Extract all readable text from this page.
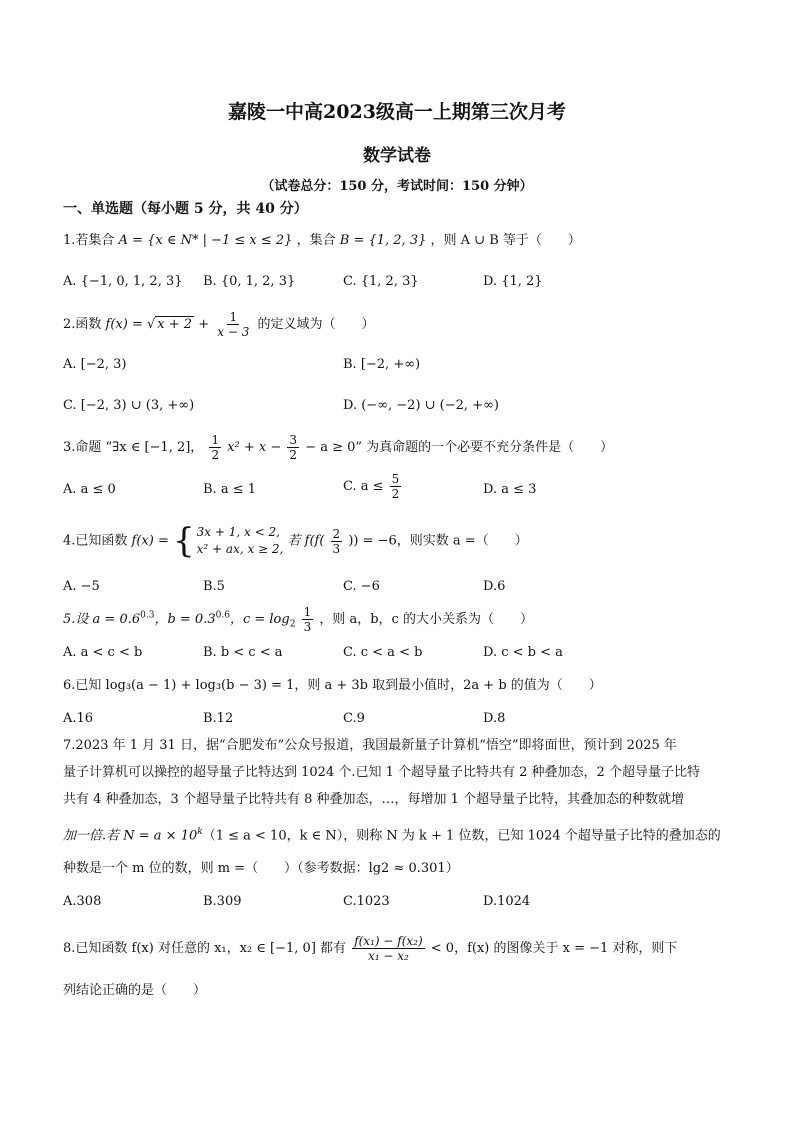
嘉陵一中高2023级高一上期第三次月考
数学试卷
（试卷总分：150 分，考试时间：150 分钟）
一、单选题（每小题 5 分，共 40 分）
1.若集合 A = {x ∈ N* | −1 ≤ x ≤ 2} ，集合 B = {1, 2, 3} ，则 A ∪ B 等于（　　）
A. {−1, 0, 1, 2, 3} B. {0, 1, 2, 3}	C. {1, 2, 3}	D. {1, 2}
2.函数 f(x) = √ $x + 2 + \frac{1}{x - 3}$ 的定义域为（　　）
A. [−2, 3)	B. [−2, +∞)
C. [−2, 3) ∪ (3, +∞)	D. (−∞, −2) ∪ (−2, +∞)
3.命题 “∃x ∈ [−1, 2]， $\frac{1}{2} x^2 + x - \frac{3}{2} - a \ge 0$” 为真命题的一个必要不充分条件是（　　）
A. a ≤ 0	B. a ≤ 1	C. $a \le \frac{5}{2}$	D. a ≤ 3
4.已知函数 f(x) = { 3x + 1, x < 2,
x² + ax, x ≥ 2,
若 $f(f( \frac{2}{3}$ )) = −6，则实数 a =（　　）
A. −5	B.5	C. −6	D.6
5.设 $a = 0.6^{0.3}$，$b = 0.3^{0.6}$，$c = \log_2 \frac{1}{3}$ ，则 a，b，c 的大小关系为（　　）
A. a < c < b	B. b < c < a	C. c < a < b	D. c < b < a
6.已知 log₃(a − 1) + log₃(b − 3) = 1，则 a + 3b 取到最小值时，2a + b 的值为（　　）
A.16	B.12	C.9	D.8
7.2023 年 1 月 31 日，据“合肥发布”公众号报道，我国最新量子计算机“悟空”即将面世，预计到 2025 年
量子计算机可以操控的超导量子比特达到 1024 个.已知 1 个超导量子比特共有 2 种叠加态，2 个超导量子比特
共有 4 种叠加态，3 个超导量子比特共有 8 种叠加态，…，每增加 1 个超导量子比特，其叠加态的种数就增
加一倍.若 $N = a \times 10^k(1 \le a < 10$，k ∈ N），则称 N 为 k + 1 位数，已知 1024 个超导量子比特的叠加态的
种数是一个 m 位的数，则 m =（　　）（参考数据：lg2 ≈ 0.301）
A.308	B.309	C.1023	D.1024
8.已知函数 f(x) 对任意的 x₁，x₂ ∈ [−1, 0] 都有 $\frac{\text{f(x₁) − f(x₂)}}{\text{x₁ − x₂}} < 0$，f(x) 的图像关于 x = −1 对称，则下
列结论正确的是（　　）
